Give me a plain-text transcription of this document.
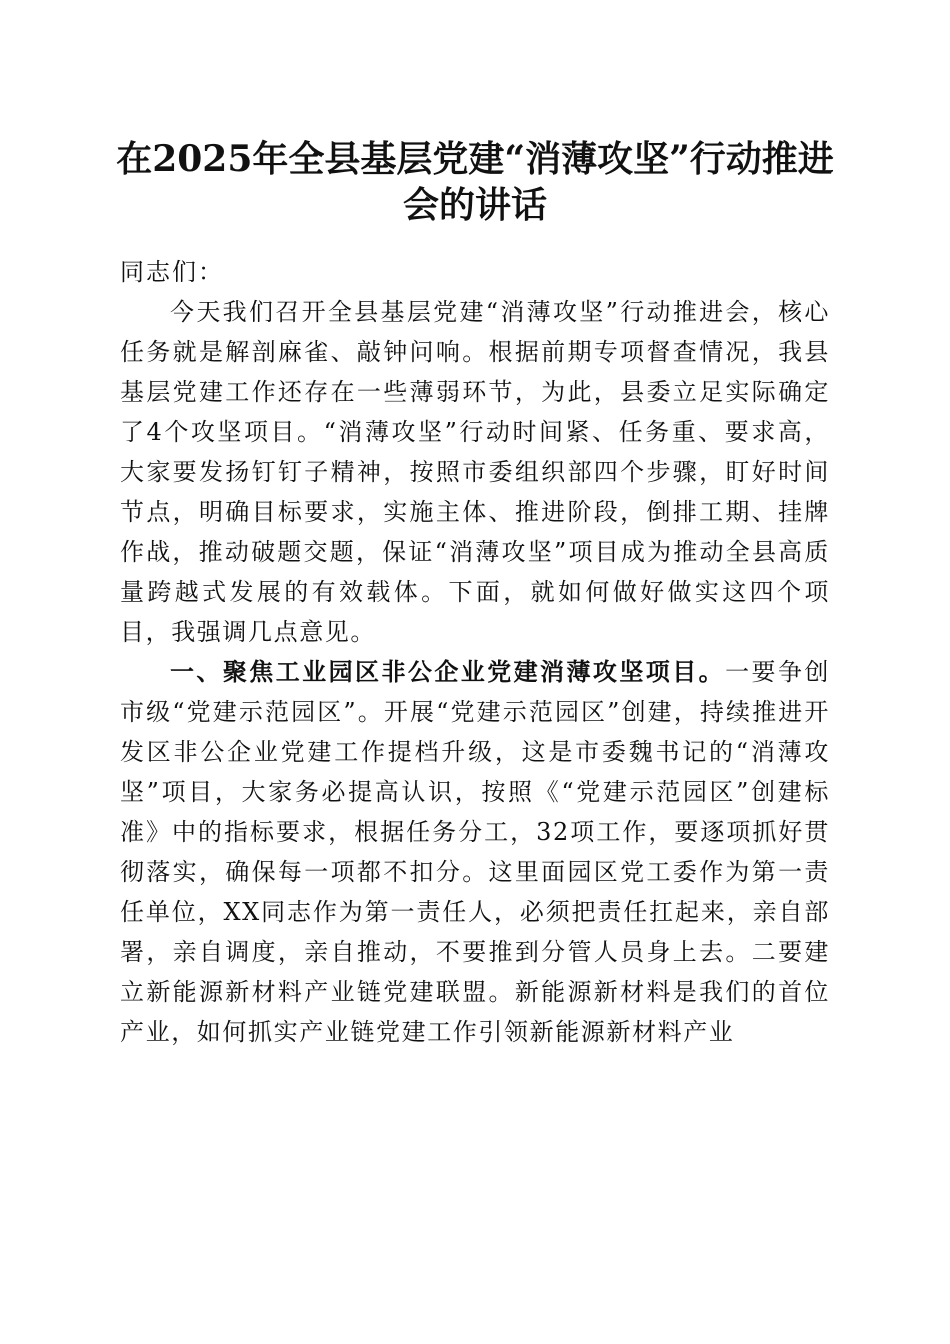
在2025年全县基层党建“消薄攻坚”行动推进会的讲话

同志们：

今天我们召开全县基层党建“消薄攻坚”行动推进会，核心任务就是解剖麻雀、敲钟问响。根据前期专项督查情况，我县基层党建工作还存在一些薄弱环节，为此，县委立足实际确定了4个攻坚项目。“消薄攻坚”行动时间紧、任务重、要求高，大家要发扬钉钉子精神，按照市委组织部四个步骤，盯好时间节点，明确目标要求，实施主体、推进阶段，倒排工期、挂牌作战，推动破题交题，保证“消薄攻坚”项目成为推动全县高质量跨越式发展的有效载体。下面，就如何做好做实这四个项目，我强调几点意见。

一、聚焦工业园区非公企业党建消薄攻坚项目。一要争创市级“党建示范园区”。开展“党建示范园区”创建，持续推进开发区非公企业党建工作提档升级，这是市委魏书记的“消薄攻坚”项目，大家务必提高认识，按照《“党建示范园区”创建标准》中的指标要求，根据任务分工，32项工作，要逐项抓好贯彻落实，确保每一项都不扣分。这里面园区党工委作为第一责任单位，XX同志作为第一责任人，必须把责任扛起来，亲自部署，亲自调度，亲自推动，不要推到分管人员身上去。二要建立新能源新材料产业链党建联盟。新能源新材料是我们的首位产业，如何抓实产业链党建工作引领新能源新材料产业
